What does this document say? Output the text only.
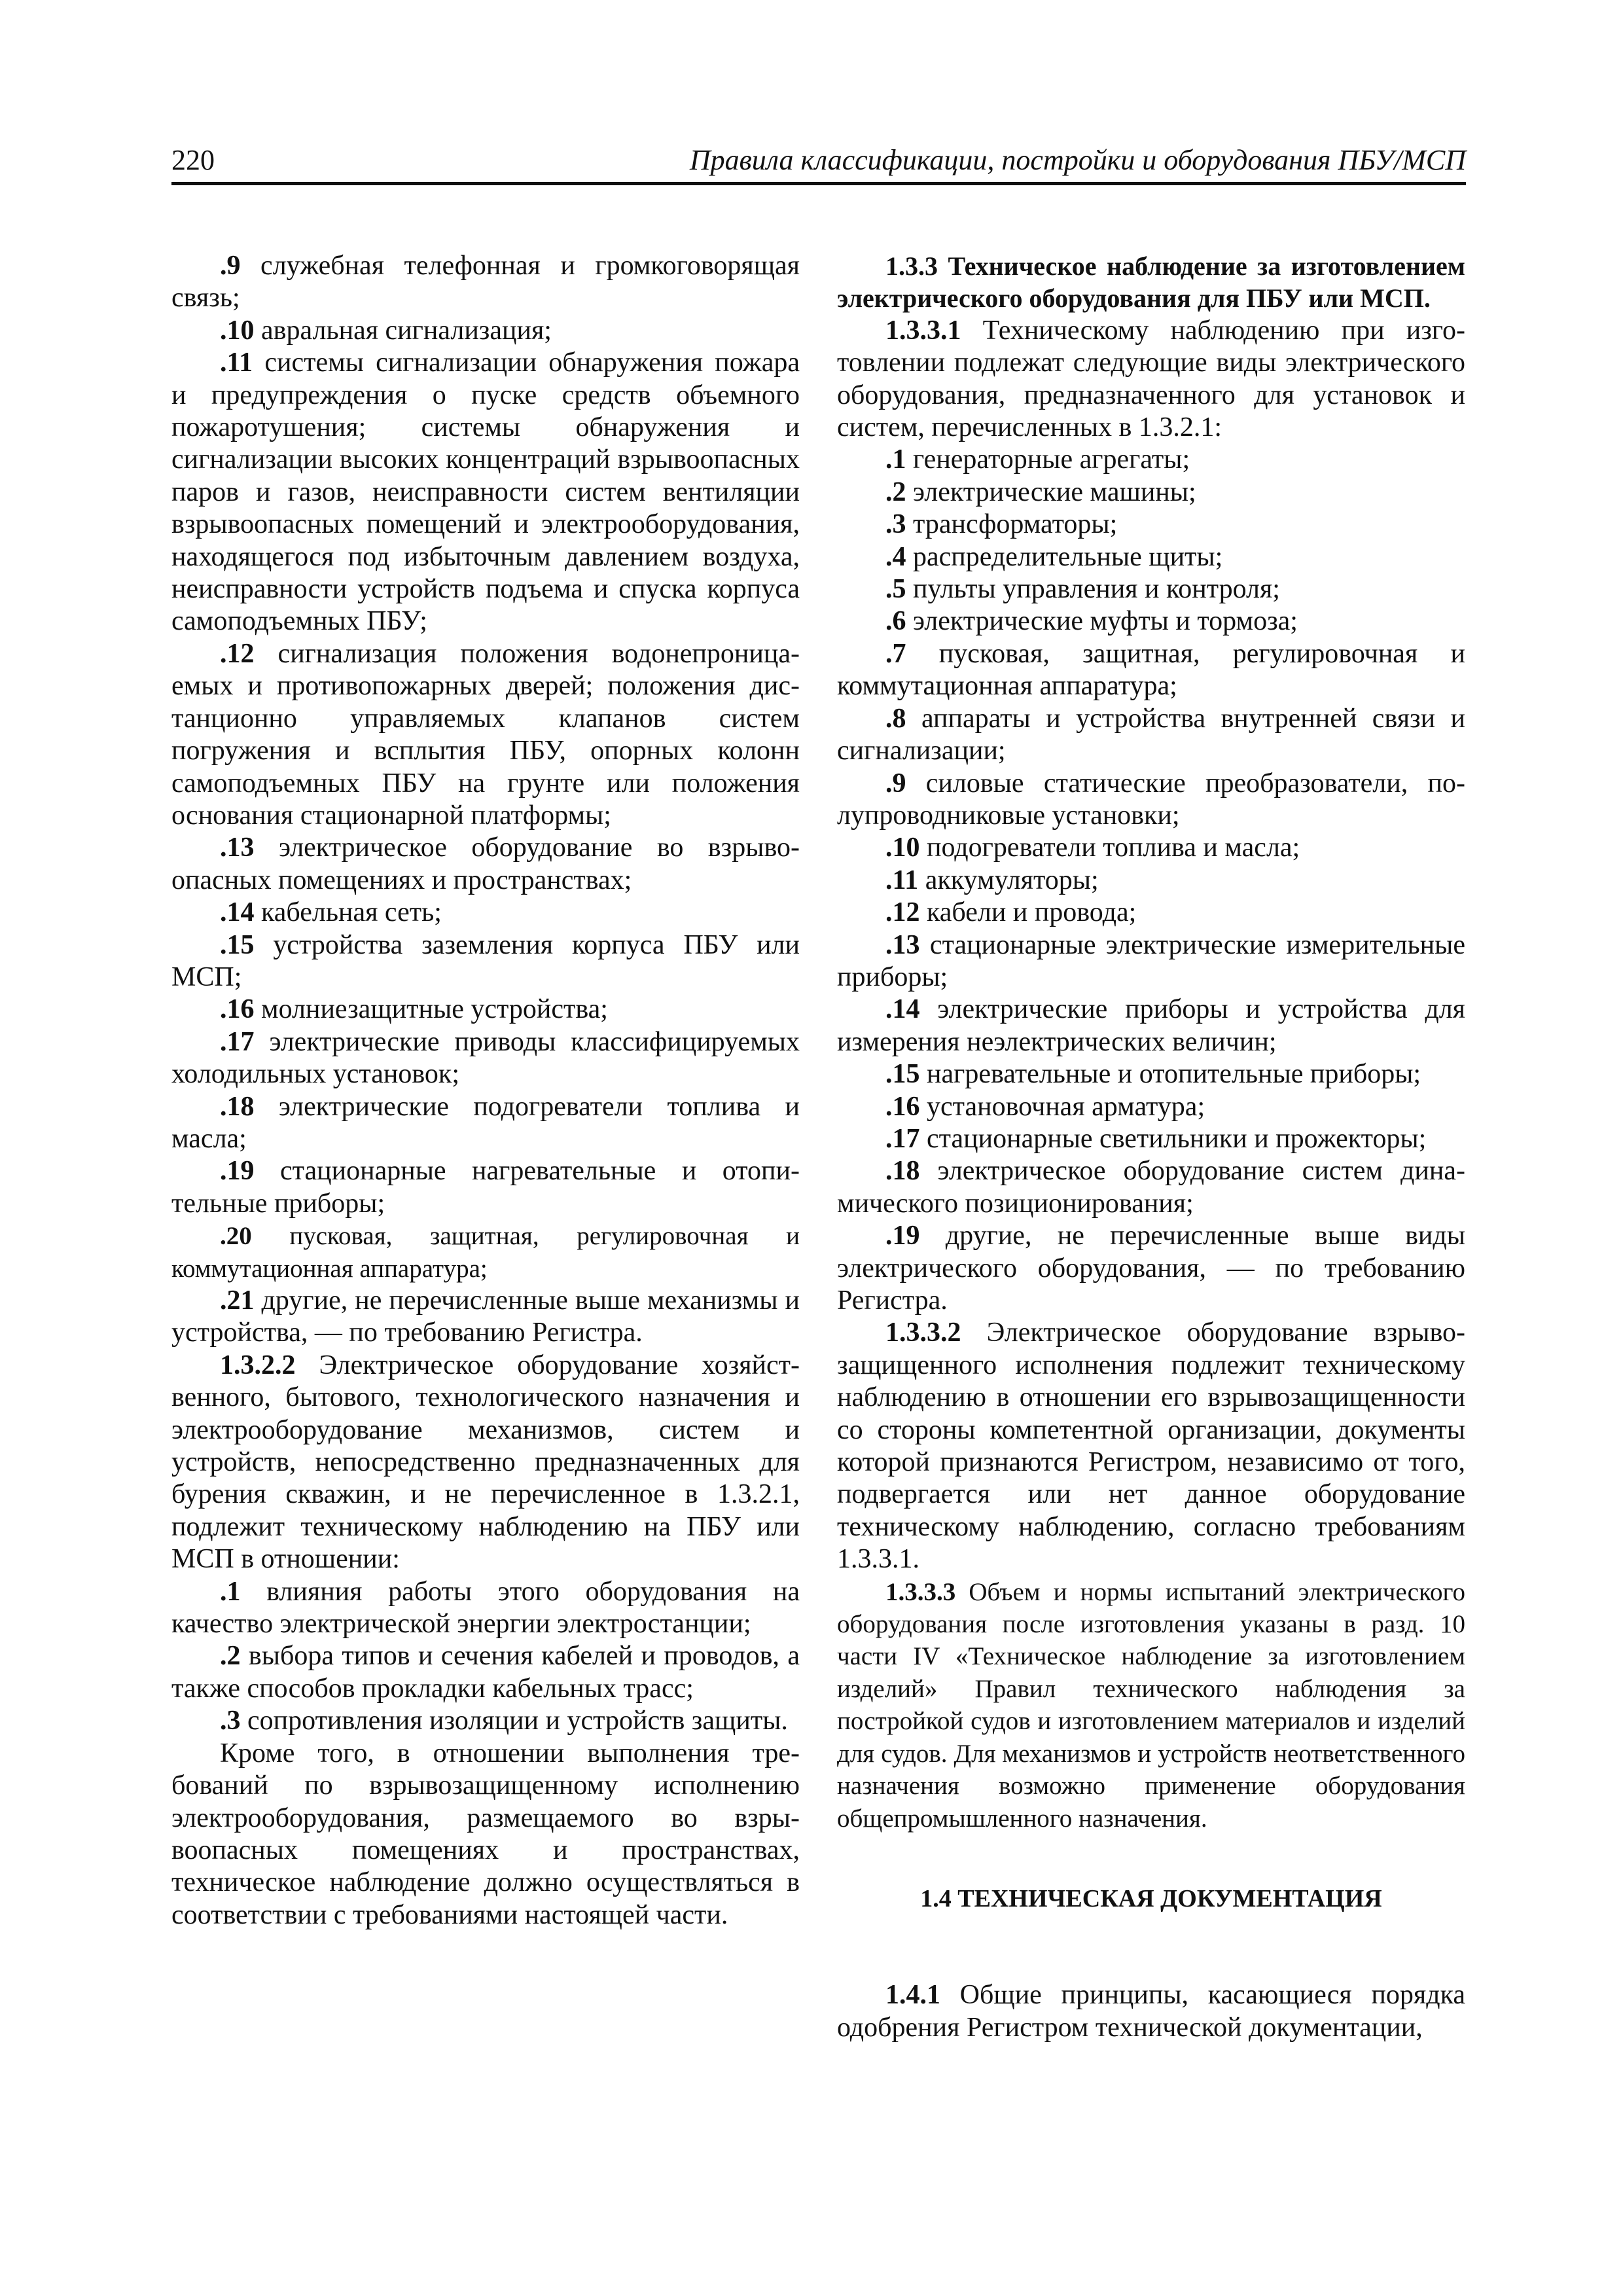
220	Правила классификации, постройки и оборудования ПБУ/МСП

.9 служебная телефонная и громкоговорящая связь;

.10 авральная сигнализация;

.11 системы сигнализации обнаружения пожара и предупреждения о пуске средств объемного пожаротушения; системы обнаружения и сигнализации высоких концентраций взрывоопасных паров и газов, неисправности систем вентиляции взрывоопасных помещений и электрооборудования, находящегося под избыточным давлением воздуха, неисправности устройств подъема и спуска корпуса самоподъемных ПБУ;

.12 сигнализация положения водонепроницаемых и противопожарных дверей; положения дистанционно управляемых клапанов систем погружения и всплытия ПБУ, опорных колонн самоподъемных ПБУ на грунте или положения основания стационарной платформы;

.13 электрическое оборудование во взрывоопасных помещениях и пространствах;

.14 кабельная сеть;

.15 устройства заземления корпуса ПБУ или МСП;

.16 молниезащитные устройства;

.17 электрические приводы классифицируемых холодильных установок;

.18 электрические подогреватели топлива и масла;

.19 стационарные нагревательные и отопительные приборы;

.20 пусковая, защитная, регулировочная и коммутационная аппаратура;

.21 другие, не перечисленные выше механизмы и устройства, — по требованию Регистра.

1.3.2.2 Электрическое оборудование хозяйственного, бытового, технологического назначения и электрооборудование механизмов, систем и устройств, непосредственно предназначенных для бурения скважин, и не перечисленное в 1.3.2.1, подлежит техническому наблюдению на ПБУ или МСП в отношении:

.1 влияния работы этого оборудования на качество электрической энергии электростанции;

.2 выбора типов и сечения кабелей и проводов, а также способов прокладки кабельных трасс;

.3 сопротивления изоляции и устройств защиты.

Кроме того, в отношении выполнения требований по взрывозащищенному исполнению электрооборудования, размещаемого во взрывоопасных помещениях и пространствах, техническое наблюдение должно осуществляться в соответствии с требованиями настоящей части.

1.3.3 Техническое наблюдение за изготовлением электрического оборудования для ПБУ или МСП.

1.3.3.1 Техническому наблюдению при изготовлении подлежат следующие виды электрического оборудования, предназначенного для установок и систем, перечисленных в 1.3.2.1:

.1 генераторные агрегаты;

.2 электрические машины;

.3 трансформаторы;

.4 распределительные щиты;

.5 пульты управления и контроля;

.6 электрические муфты и тормоза;

.7 пусковая, защитная, регулировочная и коммутационная аппаратура;

.8 аппараты и устройства внутренней связи и сигнализации;

.9 силовые статические преобразователи, полупроводниковые установки;

.10 подогреватели топлива и масла;

.11 аккумуляторы;

.12 кабели и провода;

.13 стационарные электрические измерительные приборы;

.14 электрические приборы и устройства для измерения неэлектрических величин;

.15 нагревательные и отопительные приборы;

.16 установочная арматура;

.17 стационарные светильники и прожекторы;

.18 электрическое оборудование систем динамического позиционирования;

.19 другие, не перечисленные выше виды электрического оборудования, — по требованию Регистра.

1.3.3.2 Электрическое оборудование взрывозащищенного исполнения подлежит техническому наблюдению в отношении его взрывозащищенности со стороны компетентной организации, документы которой признаются Регистром, независимо от того, подвергается или нет данное оборудование техническому наблюдению, согласно требованиям 1.3.3.1.

1.3.3.3 Объем и нормы испытаний электрического оборудования после изготовления указаны в разд. 10 части IV «Техническое наблюдение за изготовлением изделий» Правил технического наблюдения за постройкой судов и изготовлением материалов и изделий для судов. Для механизмов и устройств неответственного назначения возможно применение оборудования общепромышленного назначения.

1.4 ТЕХНИЧЕСКАЯ ДОКУМЕНТАЦИЯ

1.4.1 Общие принципы, касающиеся порядка одобрения Регистром технической документации,
